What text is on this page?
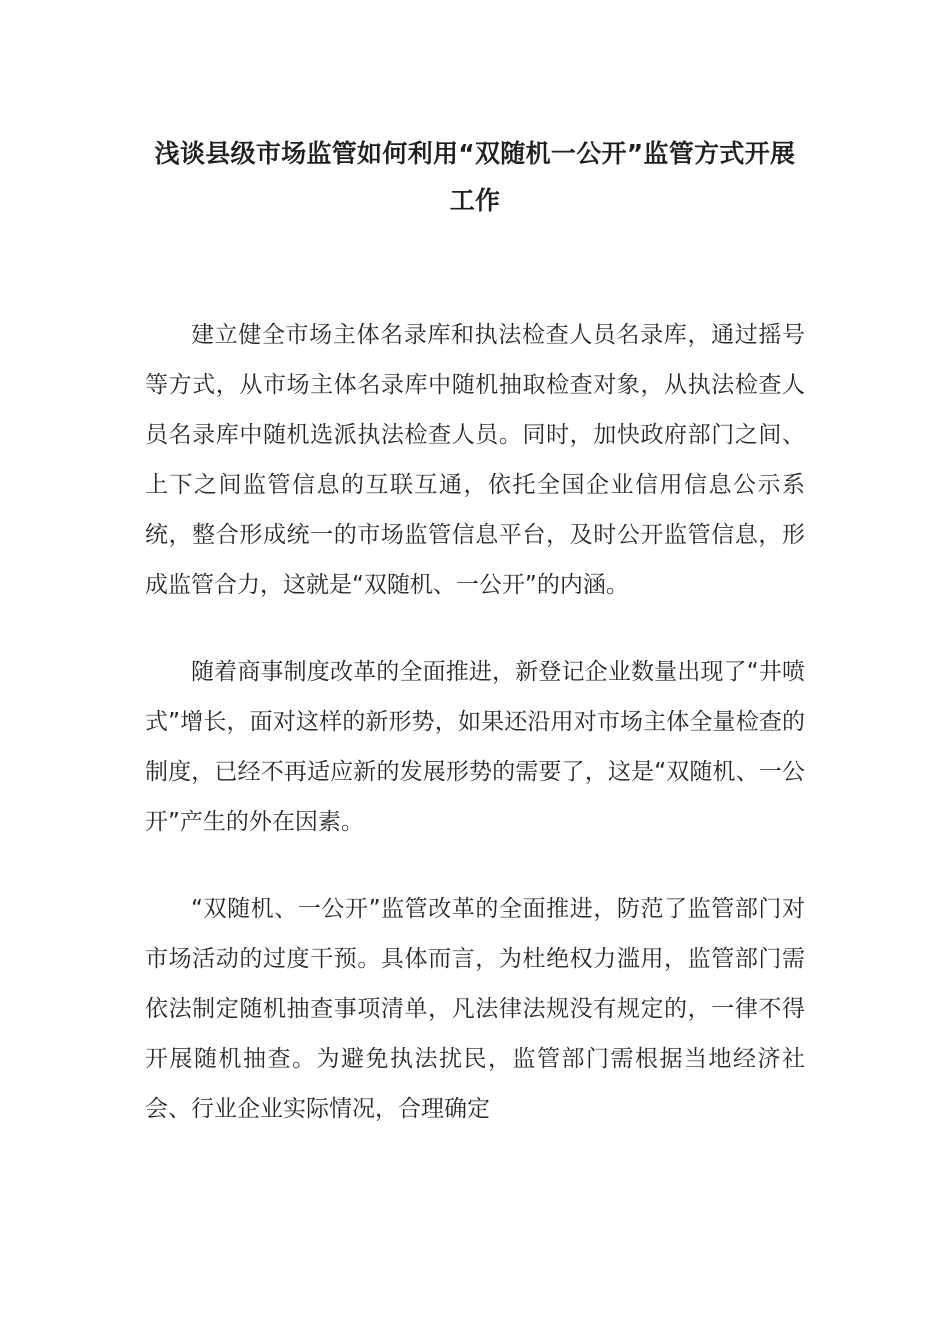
浅谈县级市场监管如何利用“双随机一公开”监管方式开展工作

建立健全市场主体名录库和执法检查人员名录库，通过摇号等方式，从市场主体名录库中随机抽取检查对象，从执法检查人员名录库中随机选派执法检查人员。同时，加快政府部门之间、上下之间监管信息的互联互通，依托全国企业信用信息公示系统，整合形成统一的市场监管信息平台，及时公开监管信息，形成监管合力，这就是“双随机、一公开”的内涵。

随着商事制度改革的全面推进，新登记企业数量出现了“井喷式”增长，面对这样的新形势，如果还沿用对市场主体全量检查的制度，已经不再适应新的发展形势的需要了，这是“双随机、一公开”产生的外在因素。

“双随机、一公开”监管改革的全面推进，防范了监管部门对市场活动的过度干预。具体而言，为杜绝权力滥用，监管部门需依法制定随机抽查事项清单，凡法律法规没有规定的，一律不得开展随机抽查。为避免执法扰民，监管部门需根据当地经济社会、行业企业实际情况，合理确定
